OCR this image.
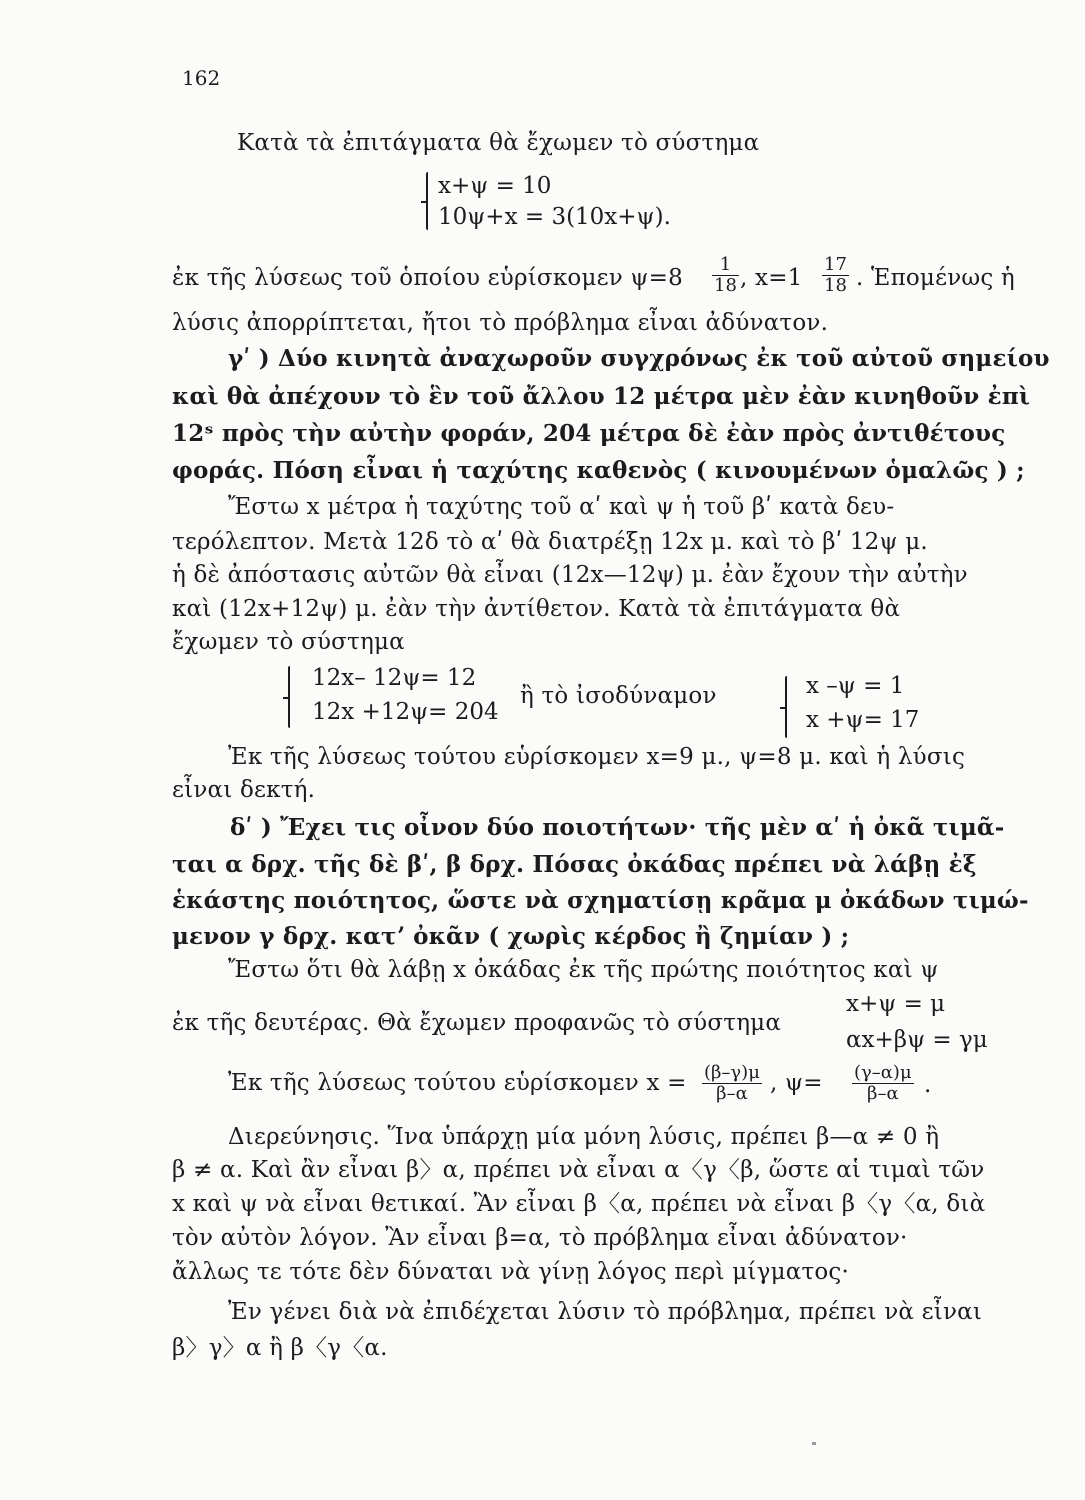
162
Κατὰ τὰ ἐπιτάγματα θὰ ἔχωμεν τὸ σύστημα
x+ψ = 10
10ψ+x = 3(10x+ψ).
ἐκ τῆς λύσεως τοῦ ὁποίου εὑρίσκομεν $\psi=8 \frac{1}{18}$ , $x=1 \frac{17}{18}$ . Ἑπομένως ἡ
λύσις ἀπορρίπτεται, ἤτοι τὸ πρόβλημα εἶναι ἀδύνατον.
γʹ ) Δύο κινητὰ ἀναχωροῦν συγχρόνως ἐκ τοῦ αὐτοῦ σημείου
καὶ θὰ ἀπέχουν τὸ ἓν τοῦ ἄλλου 12 μέτρα μὲν ἐὰν κινηθοῦν ἐπὶ
12ˢ πρὸς τὴν αὐτὴν φοράν, 204 μέτρα δὲ ἐὰν πρὸς ἀντιθέτους
φοράς. Πόση εἶναι ἡ ταχύτης καθενὸς ( κινουμένων ὁμαλῶς ) ;
Ἔστω x μέτρα ἡ ταχύτης τοῦ αʹ καὶ ψ ἡ τοῦ βʹ κατὰ δευ-
τερόλεπτον. Μετὰ 12δ τὸ αʹ θὰ διατρέξῃ 12x μ. καὶ τὸ βʹ 12ψ μ.
ἡ δὲ ἀπόστασις αὐτῶν θὰ εἶναι (12x—12ψ) μ. ἐὰν ἔχουν τὴν αὐτὴν
καὶ (12x+12ψ) μ. ἐὰν τὴν ἀντίθετον. Κατὰ τὰ ἐπιτάγματα θὰ
ἔχωμεν τὸ σύστημα
12x– 12ψ= 12
12x +12ψ= 204
ἢ τὸ ἰσοδύναμον	x –ψ = 1
x +ψ= 17
Ἐκ τῆς λύσεως τούτου εὑρίσκομεν x=9 μ., ψ=8 μ. καὶ ἡ λύσις
εἶναι δεκτή.
δʹ ) Ἔχει τις οἶνον δύο ποιοτήτων· τῆς μὲν αʹ ἡ ὀκᾶ τιμᾶ-
ται α δρχ. τῆς δὲ βʹ, β δρχ. Πόσας ὀκάδας πρέπει νὰ λάβῃ ἐξ
ἑκάστης ποιότητος, ὥστε νὰ σχηματίσῃ κρᾶμα μ ὀκάδων τιμώ-
μενον γ δρχ. κατʼ ὀκᾶν ( χωρὶς κέρδος ἢ ζημίαν ) ;
Ἔστω ὅτι θὰ λάβῃ x ὀκάδας ἐκ τῆς πρώτης ποιότητος καὶ ψ
ἐκ τῆς δευτέρας. Θὰ ἔχωμεν προφανῶς τὸ σύστημα
x+ψ = μ
αx+βψ = γμ
Ἐκ τῆς λύσεως τούτου εὑρίσκομεν $x = \frac{(\beta-\gamma)\mu}{\beta-\alpha}$ , $\psi= \frac{(\gamma-\alpha)\mu}{\beta-\alpha}$ .
Διερεύνησις. Ἵνα ὑπάρχῃ μία μόνη λύσις, πρέπει β—α ≠ 0 ἢ
β ≠ α. Καὶ ἂν εἶναι β〉α, πρέπει νὰ εἶναι α〈γ〈β, ὥστε αἱ τιμαὶ τῶν
x καὶ ψ νὰ εἶναι θετικαί. Ἂν εἶναι β〈α, πρέπει νὰ εἶναι β〈γ〈α, διὰ
τὸν αὐτὸν λόγον. Ἂν εἶναι β=α, τὸ πρόβλημα εἶναι ἀδύνατον·
ἄλλως τε τότε δὲν δύναται νὰ γίνῃ λόγος περὶ μίγματος·
Ἐν γένει διὰ νὰ ἐπιδέχεται λύσιν τὸ πρόβλημα, πρέπει νὰ εἶναι
β〉γ〉α ἢ β〈γ〈α.
